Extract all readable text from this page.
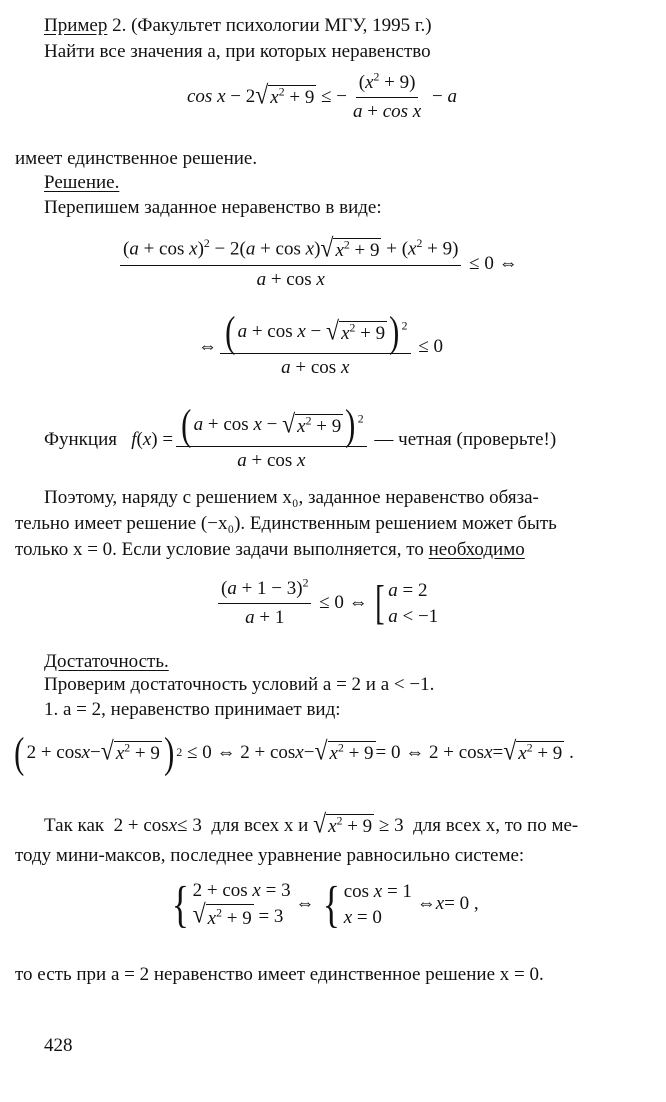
Пример 2. (Факультет психологии МГУ, 1995 г.)
Найти все значения a, при которых неравенство
cos x − 2 √ $x^2 + 9$ ≤ − $\frac{(x^2 + 9)}{\text{a + cos x}} - a$
имеет единственное решение.
Решение.
Перепишем заданное неравенство в виде:
$\frac{(a + \cos x)^2 - 2(a + \cos x) √ x^2 + 9 + (x^2 + 9)}{\text{a + cos x}} \le 0$ ⇔
⇔ $\frac{( a + \cos x - √ x^2 + 9 ) ^2}{\text{a + cos x}} \le 0$
Функция
f ( x ) = $\frac{( a + \cos x - √ x^2 + 9 ) ^2}{\text{a + cos x}}$
— четная (проверьте!)
Поэтому, наряду с решением x₀, заданное неравенство обяза-
тельно имеет решение (−x₀). Единственным решением может быть
только x = 0. Если условие задачи выполняется, то необходимо
$\frac{(a + 1 - 3)^2}{a + 1} \le 0$ ⇔ [ a = 2
a < −1
Достаточность.
Проверим достаточность условий a = 2 и a < −1.
1. a = 2, неравенство принимает вид:
( 2 + cos x − √ $x^2 + 9$ ) 2 ≤ 0 ⇔ 2 + cos x − √ $x^2 + 9 = 0$ ⇔ 2 + cos x = √ $x^2 + 9$ .
Так как 2 + cos x ≤ 3 для всех x и
√ $x^2 + 9 \ge 3$ для всех x, то по ме-
тоду мини-максов, последнее уравнение равносильно системе:
{ 2 + cos x = 3
√ $x^2 + 9 = 3$
⇔ { cos x = 1
x = 0
⇔ x = 0 ,
то есть при a = 2 неравенство имеет единственное решение x = 0.
428
